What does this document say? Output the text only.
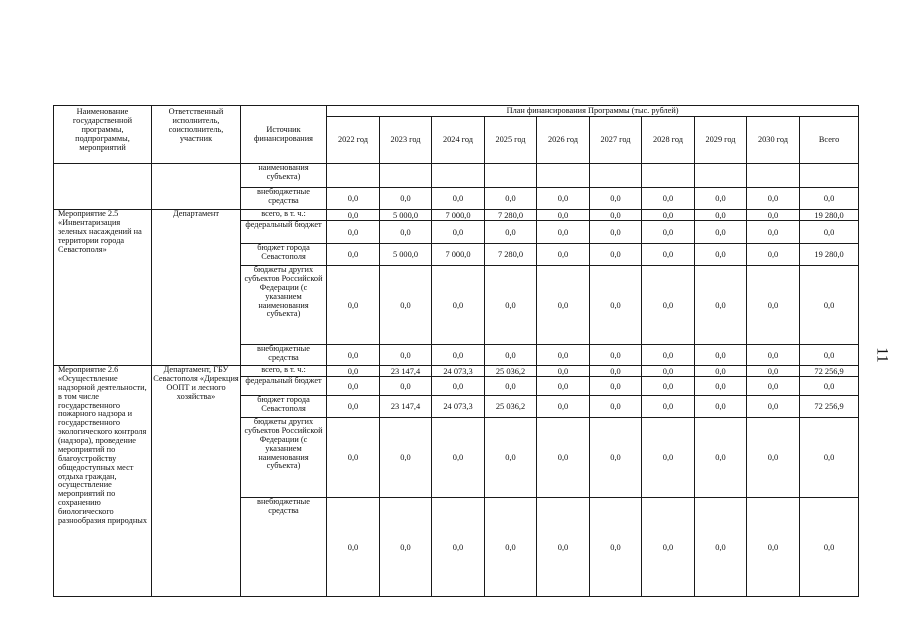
11
Наименование государственной программы, подпрограммы, мероприятий	Ответственный исполнитель, соисполнитель, участник	Источник финансирования	План финансирования Программы (тыс. рублей)									
			2022 год	2023 год	2024 год	2025 год	2026 год	2027 год	2028 год	2029 год	2030 год	Всего
		наименования субъекта)										
		внебюджетные средства	0,0	0,0	0,0	0,0	0,0	0,0	0,0	0,0	0,0	0,0
Мероприятие 2.5 «Инвентаризация зеленых насаждений на территории города Севастополя»	Департамент	всего, в т. ч.:	0,0	5 000,0	7 000,0	7 280,0	0,0	0,0	0,0	0,0	0,0	19 280,0
		федеральный бюджет	0,0	0,0	0,0	0,0	0,0	0,0	0,0	0,0	0,0	0,0
		бюджет города Севастополя	0,0	5 000,0	7 000,0	7 280,0	0,0	0,0	0,0	0,0	0,0	19 280,0
		бюджеты других субъектов Российской Федерации (с указанием наименования субъекта)	0,0	0,0	0,0	0,0	0,0	0,0	0,0	0,0	0,0	0,0
		внебюджетные средства	0,0	0,0	0,0	0,0	0,0	0,0	0,0	0,0	0,0	0,0
Мероприятие 2.6 «Осуществление надзорной деятельности, в том числе государственного пожарного надзора и государственного экологического контроля (надзора), проведение мероприятий по благоустройству общедоступных мест отдыха граждан, осуществление мероприятий по сохранению биологического разнообразия природных	Департамент, ГБУ Севастополя «Дирекция ООПТ и лесного хозяйства»	всего, в т. ч.:	0,0	23 147,4	24 073,3	25 036,2	0,0	0,0	0,0	0,0	0,0	72 256,9
		федеральный бюджет	0,0	0,0	0,0	0,0	0,0	0,0	0,0	0,0	0,0	0,0
		бюджет города Севастополя	0,0	23 147,4	24 073,3	25 036,2	0,0	0,0	0,0	0,0	0,0	72 256,9
		бюджеты других субъектов Российской Федерации (с указанием наименования субъекта)	0,0	0,0	0,0	0,0	0,0	0,0	0,0	0,0	0,0	0,0
		внебюджетные средства	0,0	0,0	0,0	0,0	0,0	0,0	0,0	0,0	0,0	0,0
